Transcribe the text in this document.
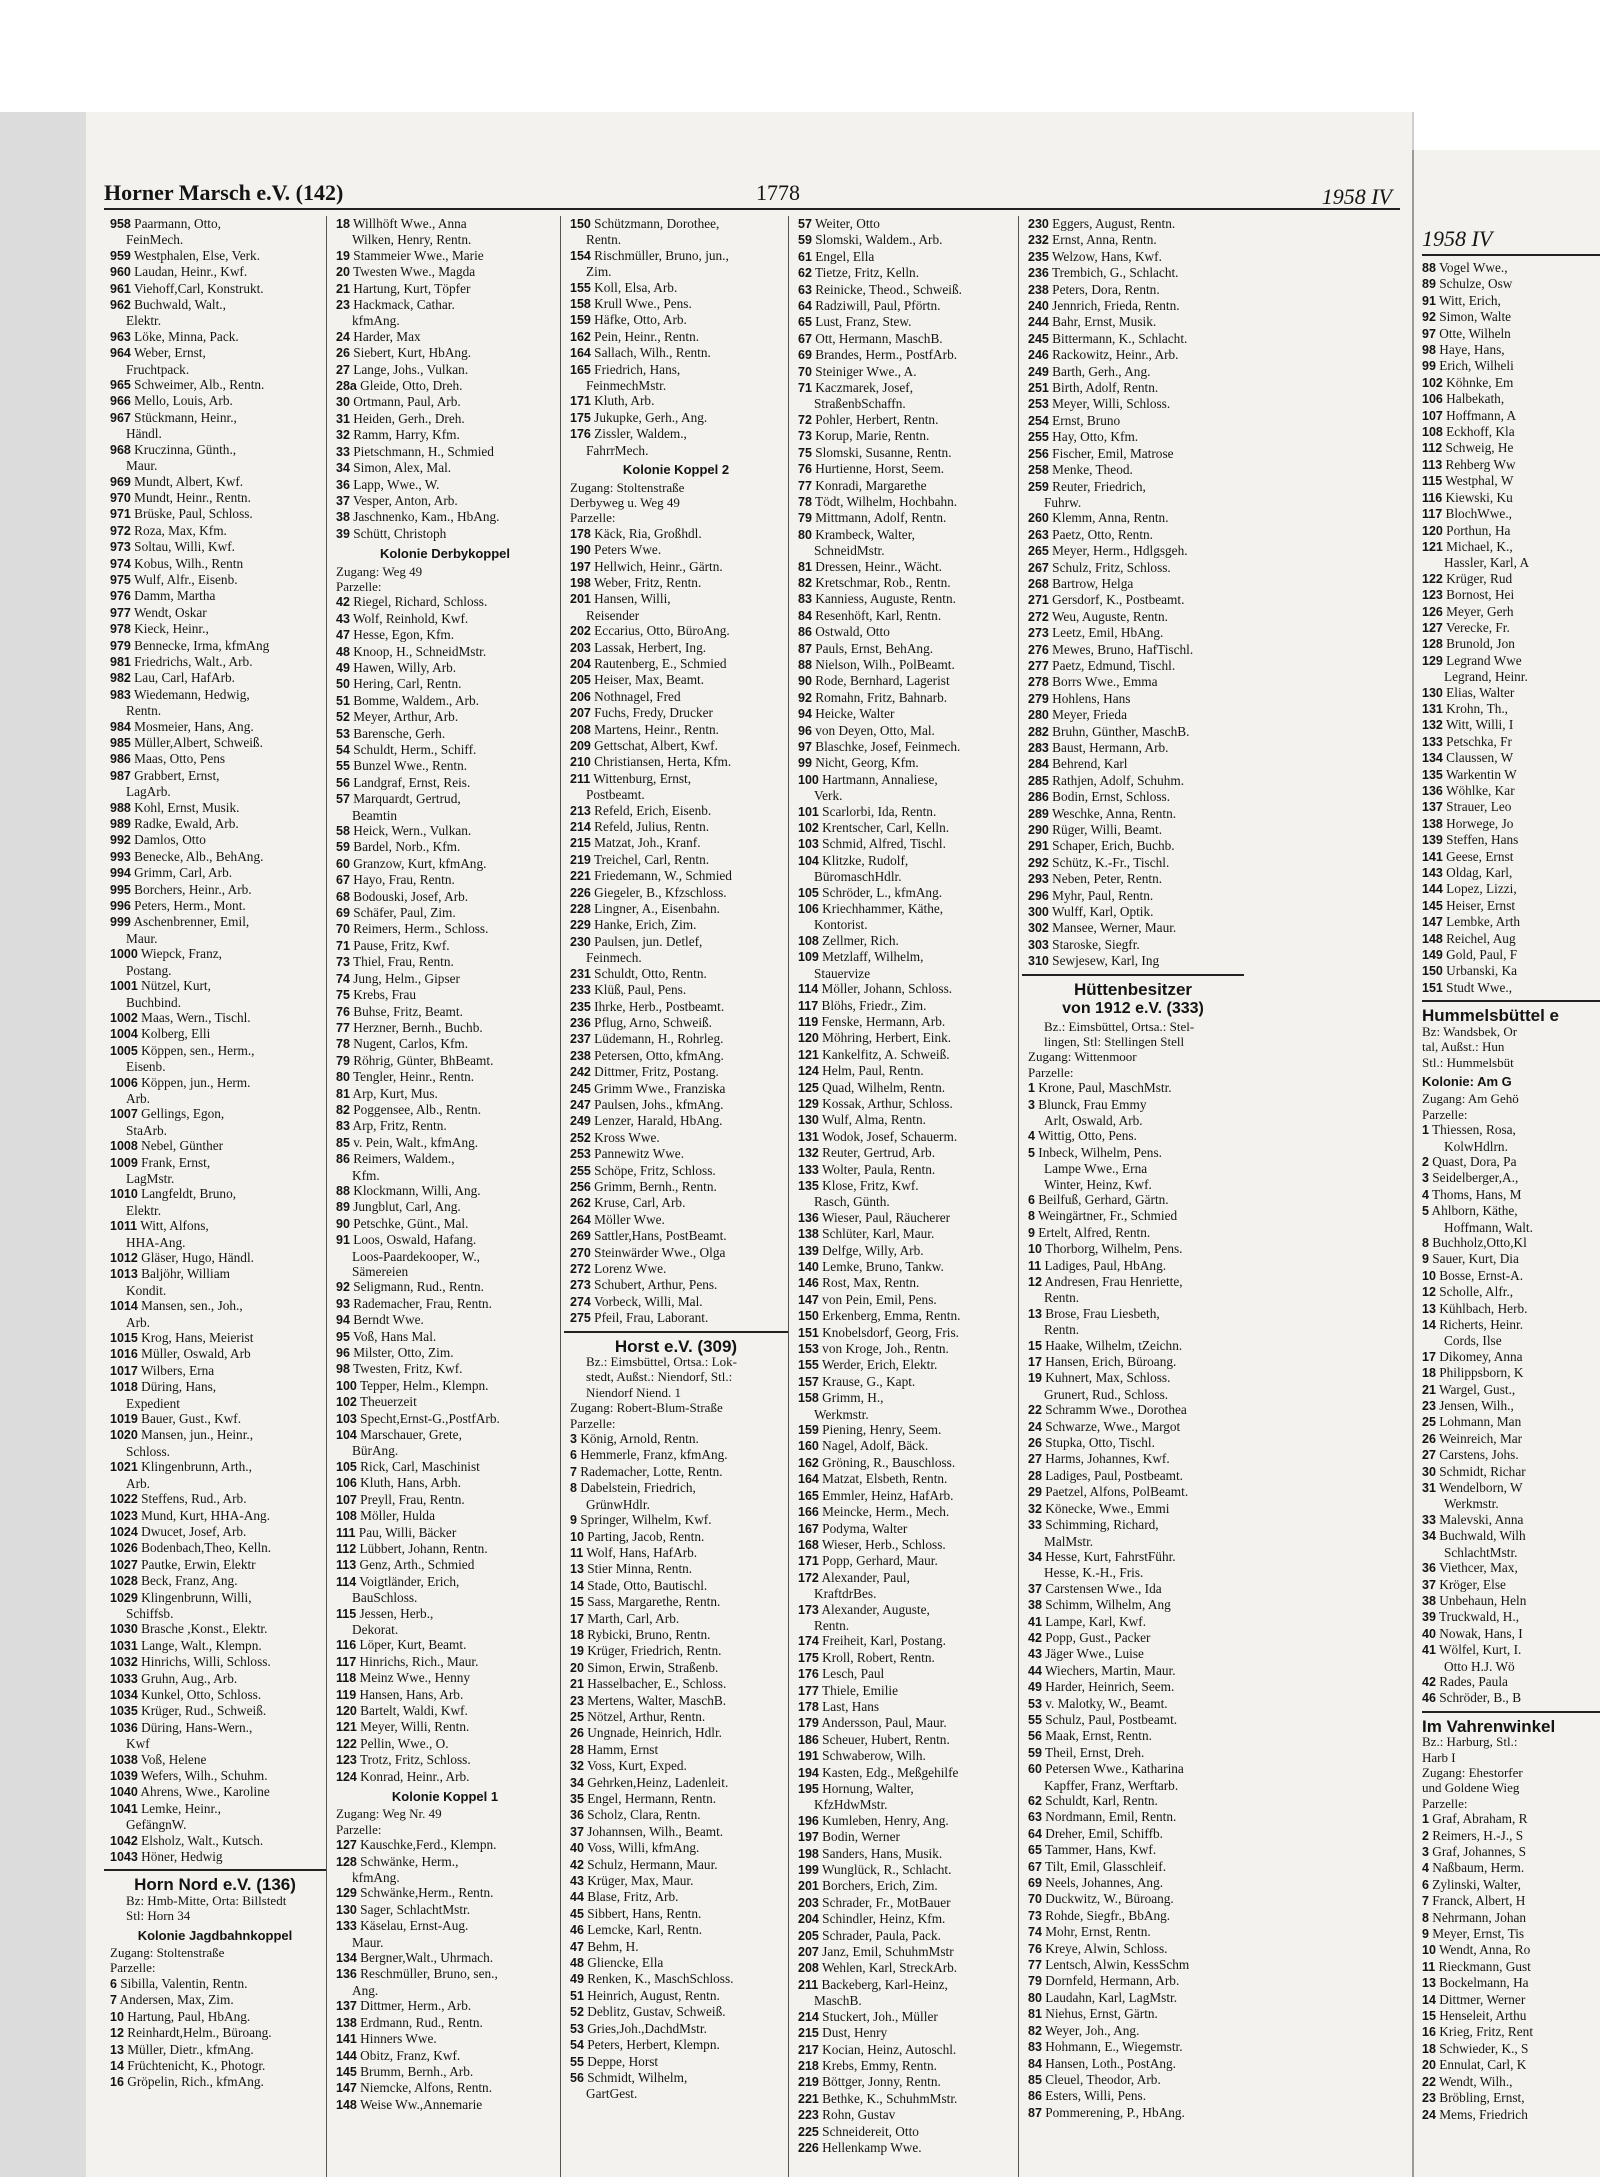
Horner Marsch e.V. (142)	1778	1958 IV
958 Paarmann, Otto,
FeinMech.
959 Westphalen, Else, Verk.
960 Laudan, Heinr., Kwf.
961 Viehoff,Carl, Konstrukt.
962 Buchwald, Walt.,
Elektr.
963 Löke, Minna, Pack.
964 Weber, Ernst,
Fruchtpack.
965 Schweimer, Alb., Rentn.
966 Mello, Louis, Arb.
967 Stückmann, Heinr.,
Händl.
968 Kruczinna, Günth.,
Maur.
969 Mundt, Albert, Kwf.
970 Mundt, Heinr., Rentn.
971 Brüske, Paul, Schloss.
972 Roza, Max, Kfm.
973 Soltau, Willi, Kwf.
974 Kobus, Wilh., Rentn
975 Wulf, Alfr., Eisenb.
976 Damm, Martha
977 Wendt, Oskar
978 Kieck, Heinr.,
979 Bennecke, Irma, kfmAng
981 Friedrichs, Walt., Arb.
982 Lau, Carl, HafArb.
983 Wiedemann, Hedwig,
Rentn.
984 Mosmeier, Hans, Ang.
985 Müller,Albert, Schweiß.
986 Maas, Otto, Pens
987 Grabbert, Ernst,
LagArb.
988 Kohl, Ernst, Musik.
989 Radke, Ewald, Arb.
992 Damlos, Otto
993 Benecke, Alb., BehAng.
994 Grimm, Carl, Arb.
995 Borchers, Heinr., Arb.
996 Peters, Herm., Mont.
999 Aschenbrenner, Emil,
Maur.
1000 Wiepck, Franz,
Postang.
1001 Nützel, Kurt,
Buchbind.
1002 Maas, Wern., Tischl.
1004 Kolberg, Elli
1005 Köppen, sen., Herm.,
Eisenb.
1006 Köppen, jun., Herm.
Arb.
1007 Gellings, Egon,
StaArb.
1008 Nebel, Günther
1009 Frank, Ernst,
LagMstr.
1010 Langfeldt, Bruno,
Elektr.
1011 Witt, Alfons,
HHA-Ang.
1012 Gläser, Hugo, Händl.
1013 Baljöhr, William
Kondit.
1014 Mansen, sen., Joh.,
Arb.
1015 Krog, Hans, Meierist
1016 Müller, Oswald, Arb
1017 Wilbers, Erna
1018 Düring, Hans,
Expedient
1019 Bauer, Gust., Kwf.
1020 Mansen, jun., Heinr.,
Schloss.
1021 Klingenbrunn, Arth.,
Arb.
1022 Steffens, Rud., Arb.
1023 Mund, Kurt, HHA-Ang.
1024 Dwucet, Josef, Arb.
1026 Bodenbach,Theo, Kelln.
1027 Pautke, Erwin, Elektr
1028 Beck, Franz, Ang.
1029 Klingenbrunn, Willi,
Schiffsb.
1030 Brasche ,Konst., Elektr.
1031 Lange, Walt., Klempn.
1032 Hinrichs, Willi, Schloss.
1033 Gruhn, Aug., Arb.
1034 Kunkel, Otto, Schloss.
1035 Krüger, Rud., Schweiß.
1036 Düring, Hans-Wern.,
Kwf
1038 Voß, Helene
1039 Wefers, Wilh., Schuhm.
1040 Ahrens, Wwe., Karoline
1041 Lemke, Heinr.,
GefängnW.
1042 Elsholz, Walt., Kutsch.
1043 Höner, Hedwig
Horn Nord e.V. (136)
Bz: Hmb-Mitte, Orta: Billstedt
Stl: Horn 34
Kolonie Jagdbahnkoppel
Zugang: Stoltenstraße
Parzelle:
6 Sibilla, Valentin, Rentn.
7 Andersen, Max, Zim.
10 Hartung, Paul, HbAng.
12 Reinhardt,Helm., Büroang.
13 Müller, Dietr., kfmAng.
14 Früchtenicht, K., Photogr.
16 Gröpelin, Rich., kfmAng.
18 Willhöft Wwe., Anna
Wilken, Henry, Rentn.
19 Stammeier Wwe., Marie
20 Twesten Wwe., Magda
21 Hartung, Kurt, Töpfer
23 Hackmack, Cathar.
kfmAng.
24 Harder, Max
26 Siebert, Kurt, HbAng.
27 Lange, Johs., Vulkan.
28a Gleide, Otto, Dreh.
30 Ortmann, Paul, Arb.
31 Heiden, Gerh., Dreh.
32 Ramm, Harry, Kfm.
33 Pietschmann, H., Schmied
34 Simon, Alex, Mal.
36 Lapp, Wwe., W.
37 Vesper, Anton, Arb.
38 Jaschnenko, Kam., HbAng.
39 Schütt, Christoph
Kolonie Derbykoppel
Zugang: Weg 49
Parzelle:
42 Riegel, Richard, Schloss.
43 Wolf, Reinhold, Kwf.
47 Hesse, Egon, Kfm.
48 Knoop, H., SchneidMstr.
49 Hawen, Willy, Arb.
50 Hering, Carl, Rentn.
51 Bomme, Waldem., Arb.
52 Meyer, Arthur, Arb.
53 Barensche, Gerh.
54 Schuldt, Herm., Schiff.
55 Bunzel Wwe., Rentn.
56 Landgraf, Ernst, Reis.
57 Marquardt, Gertrud,
Beamtin
58 Heick, Wern., Vulkan.
59 Bardel, Norb., Kfm.
60 Granzow, Kurt, kfmAng.
67 Hayo, Frau, Rentn.
68 Bodouski, Josef, Arb.
69 Schäfer, Paul, Zim.
70 Reimers, Herm., Schloss.
71 Pause, Fritz, Kwf.
73 Thiel, Frau, Rentn.
74 Jung, Helm., Gipser
75 Krebs, Frau
76 Buhse, Fritz, Beamt.
77 Herzner, Bernh., Buchb.
78 Nugent, Carlos, Kfm.
79 Röhrig, Günter, BhBeamt.
80 Tengler, Heinr., Rentn.
81 Arp, Kurt, Mus.
82 Poggensee, Alb., Rentn.
83 Arp, Fritz, Rentn.
85 v. Pein, Walt., kfmAng.
86 Reimers, Waldem.,
Kfm.
88 Klockmann, Willi, Ang.
89 Jungblut, Carl, Ang.
90 Petschke, Günt., Mal.
91 Loos, Oswald, Hafang.
Loos-Paardekooper, W.,
Sämereien
92 Seligmann, Rud., Rentn.
93 Rademacher, Frau, Rentn.
94 Berndt Wwe.
95 Voß, Hans Mal.
96 Milster, Otto, Zim.
98 Twesten, Fritz, Kwf.
100 Tepper, Helm., Klempn.
102 Theuerzeit
103 Specht,Ernst-G.,PostfArb.
104 Marschauer, Grete,
BürAng.
105 Rick, Carl, Maschinist
106 Kluth, Hans, Arbh.
107 Preyll, Frau, Rentn.
108 Möller, Hulda
111 Pau, Willi, Bäcker
112 Lübbert, Johann, Rentn.
113 Genz, Arth., Schmied
114 Voigtländer, Erich,
BauSchloss.
115 Jessen, Herb.,
Dekorat.
116 Löper, Kurt, Beamt.
117 Hinrichs, Rich., Maur.
118 Meinz Wwe., Henny
119 Hansen, Hans, Arb.
120 Bartelt, Waldi, Kwf.
121 Meyer, Willi, Rentn.
122 Pellin, Wwe., O.
123 Trotz, Fritz, Schloss.
124 Konrad, Heinr., Arb.
Kolonie Koppel 1
Zugang: Weg Nr. 49
Parzelle:
127 Kauschke,Ferd., Klempn.
128 Schwänke, Herm.,
kfmAng.
129 Schwänke,Herm., Rentn.
130 Sager, SchlachtMstr.
133 Käselau, Ernst-Aug.
Maur.
134 Bergner,Walt., Uhrmach.
136 Reschmüller, Bruno, sen.,
Ang.
137 Dittmer, Herm., Arb.
138 Erdmann, Rud., Rentn.
141 Hinners Wwe.
144 Obitz, Franz, Kwf.
145 Brumm, Bernh., Arb.
147 Niemcke, Alfons, Rentn.
148 Weise Ww.,Annemarie
150 Schützmann, Dorothee,
Rentn.
154 Rischmüller, Bruno, jun.,
Zim.
155 Koll, Elsa, Arb.
158 Krull Wwe., Pens.
159 Häfke, Otto, Arb.
162 Pein, Heinr., Rentn.
164 Sallach, Wilh., Rentn.
165 Friedrich, Hans,
FeinmechMstr.
171 Kluth, Arb.
175 Jukupke, Gerh., Ang.
176 Zissler, Waldem.,
FahrrMech.
Kolonie Koppel 2
Zugang: Stoltenstraße
Derbyweg u. Weg 49
Parzelle:
178 Käck, Ria, Großhdl.
190 Peters Wwe.
197 Hellwich, Heinr., Gärtn.
198 Weber, Fritz, Rentn.
201 Hansen, Willi,
Reisender
202 Eccarius, Otto, BüroAng.
203 Lassak, Herbert, Ing.
204 Rautenberg, E., Schmied
205 Heiser, Max, Beamt.
206 Nothnagel, Fred
207 Fuchs, Fredy, Drucker
208 Martens, Heinr., Rentn.
209 Gettschat, Albert, Kwf.
210 Christiansen, Herta, Kfm.
211 Wittenburg, Ernst,
Postbeamt.
213 Refeld, Erich, Eisenb.
214 Refeld, Julius, Rentn.
215 Matzat, Joh., Kranf.
219 Treichel, Carl, Rentn.
221 Friedemann, W., Schmied
226 Giegeler, B., Kfzschloss.
228 Lingner, A., Eisenbahn.
229 Hanke, Erich, Zim.
230 Paulsen, jun. Detlef,
Feinmech.
231 Schuldt, Otto, Rentn.
233 Klüß, Paul, Pens.
235 Ihrke, Herb., Postbeamt.
236 Pflug, Arno, Schweiß.
237 Lüdemann, H., Rohrleg.
238 Petersen, Otto, kfmAng.
242 Dittmer, Fritz, Postang.
245 Grimm Wwe., Franziska
247 Paulsen, Johs., kfmAng.
249 Lenzer, Harald, HbAng.
252 Kross Wwe.
253 Pannewitz Wwe.
255 Schöpe, Fritz, Schloss.
256 Grimm, Bernh., Rentn.
262 Kruse, Carl, Arb.
264 Möller Wwe.
269 Sattler,Hans, PostBeamt.
270 Steinwärder Wwe., Olga
272 Lorenz Wwe.
273 Schubert, Arthur, Pens.
274 Vorbeck, Willi, Mal.
275 Pfeil, Frau, Laborant.
Horst e.V. (309)
Bz.: Eimsbüttel, Ortsa.: Lok-
stedt, Außst.: Niendorf, Stl.:
Niendorf Niend. 1
Zugang: Robert-Blum-Straße
Parzelle:
3 König, Arnold, Rentn.
6 Hemmerle, Franz, kfmAng.
7 Rademacher, Lotte, Rentn.
8 Dabelstein, Friedrich,
GrünwHdlr.
9 Springer, Wilhelm, Kwf.
10 Parting, Jacob, Rentn.
11 Wolf, Hans, HafArb.
13 Stier Minna, Rentn.
14 Stade, Otto, Bautischl.
15 Sass, Margarethe, Rentn.
17 Marth, Carl, Arb.
18 Rybicki, Bruno, Rentn.
19 Krüger, Friedrich, Rentn.
20 Simon, Erwin, Straßenb.
21 Hasselbacher, E., Schloss.
23 Mertens, Walter, MaschB.
25 Nötzel, Arthur, Rentn.
26 Ungnade, Heinrich, Hdlr.
28 Hamm, Ernst
32 Voss, Kurt, Exped.
34 Gehrken,Heinz, Ladenleit.
35 Engel, Hermann, Rentn.
36 Scholz, Clara, Rentn.
37 Johannsen, Wilh., Beamt.
40 Voss, Willi, kfmAng.
42 Schulz, Hermann, Maur.
43 Krüger, Max, Maur.
44 Blase, Fritz, Arb.
45 Sibbert, Hans, Rentn.
46 Lemcke, Karl, Rentn.
47 Behm, H.
48 Gliencke, Ella
49 Renken, K., MaschSchloss.
51 Heinrich, August, Rentn.
52 Deblitz, Gustav, Schweiß.
53 Gries,Joh.,DachdMstr.
54 Peters, Herbert, Klempn.
55 Deppe, Horst
56 Schmidt, Wilhelm,
GartGest.
57 Weiter, Otto
59 Slomski, Waldem., Arb.
61 Engel, Ella
62 Tietze, Fritz, Kelln.
63 Reinicke, Theod., Schweiß.
64 Radziwill, Paul, Pförtn.
65 Lust, Franz, Stew.
67 Ott, Hermann, MaschB.
69 Brandes, Herm., PostfArb.
70 Steiniger Wwe., A.
71 Kaczmarek, Josef,
StraßenbSchaffn.
72 Pohler, Herbert, Rentn.
73 Korup, Marie, Rentn.
75 Slomski, Susanne, Rentn.
76 Hurtienne, Horst, Seem.
77 Konradi, Margarethe
78 Tödt, Wilhelm, Hochbahn.
79 Mittmann, Adolf, Rentn.
80 Krambeck, Walter,
SchneidMstr.
81 Dressen, Heinr., Wächt.
82 Kretschmar, Rob., Rentn.
83 Kanniess, Auguste, Rentn.
84 Resenhöft, Karl, Rentn.
86 Ostwald, Otto
87 Pauls, Ernst, BehAng.
88 Nielson, Wilh., PolBeamt.
90 Rode, Bernhard, Lagerist
92 Romahn, Fritz, Bahnarb.
94 Heicke, Walter
96 von Deyen, Otto, Mal.
97 Blaschke, Josef, Feinmech.
99 Nicht, Georg, Kfm.
100 Hartmann, Annaliese,
Verk.
101 Scarlorbi, Ida, Rentn.
102 Krentscher, Carl, Kelln.
103 Schmid, Alfred, Tischl.
104 Klitzke, Rudolf,
BüromaschHdlr.
105 Schröder, L., kfmAng.
106 Kriechhammer, Käthe,
Kontorist.
108 Zellmer, Rich.
109 Metzlaff, Wilhelm,
Stauervize
114 Möller, Johann, Schloss.
117 Blöhs, Friedr., Zim.
119 Fenske, Hermann, Arb.
120 Möhring, Herbert, Eink.
121 Kankelfitz, A. Schweiß.
124 Helm, Paul, Rentn.
125 Quad, Wilhelm, Rentn.
129 Kossak, Arthur, Schloss.
130 Wulf, Alma, Rentn.
131 Wodok, Josef, Schauerm.
132 Reuter, Gertrud, Arb.
133 Wolter, Paula, Rentn.
135 Klose, Fritz, Kwf.
Rasch, Günth.
136 Wieser, Paul, Räucherer
138 Schlüter, Karl, Maur.
139 Delfge, Willy, Arb.
140 Lemke, Bruno, Tankw.
146 Rost, Max, Rentn.
147 von Pein, Emil, Pens.
150 Erkenberg, Emma, Rentn.
151 Knobelsdorf, Georg, Fris.
153 von Kroge, Joh., Rentn.
155 Werder, Erich, Elektr.
157 Krause, G., Kapt.
158 Grimm, H.,
Werkmstr.
159 Piening, Henry, Seem.
160 Nagel, Adolf, Bäck.
162 Gröning, R., Bauschloss.
164 Matzat, Elsbeth, Rentn.
165 Emmler, Heinz, HafArb.
166 Meincke, Herm., Mech.
167 Podyma, Walter
168 Wieser, Herb., Schloss.
171 Popp, Gerhard, Maur.
172 Alexander, Paul,
KraftdrBes.
173 Alexander, Auguste,
Rentn.
174 Freiheit, Karl, Postang.
175 Kroll, Robert, Rentn.
176 Lesch, Paul
177 Thiele, Emilie
178 Last, Hans
179 Andersson, Paul, Maur.
186 Scheuer, Hubert, Rentn.
191 Schwaberow, Wilh.
194 Kasten, Edg., Meßgehilfe
195 Hornung, Walter,
KfzHdwMstr.
196 Kumleben, Henry, Ang.
197 Bodin, Werner
198 Sanders, Hans, Musik.
199 Wunglück, R., Schlacht.
201 Borchers, Erich, Zim.
203 Schrader, Fr., MotBauer
204 Schindler, Heinz, Kfm.
205 Schrader, Paula, Pack.
207 Janz, Emil, SchuhmMstr
208 Wehlen, Karl, StreckArb.
211 Backeberg, Karl-Heinz,
MaschB.
214 Stuckert, Joh., Müller
215 Dust, Henry
217 Kocian, Heinz, Autoschl.
218 Krebs, Emmy, Rentn.
219 Böttger, Jonny, Rentn.
221 Bethke, K., SchuhmMstr.
223 Rohn, Gustav
225 Schneidereit, Otto
226 Hellenkamp Wwe.
230 Eggers, August, Rentn.
232 Ernst, Anna, Rentn.
235 Welzow, Hans, Kwf.
236 Trembich, G., Schlacht.
238 Peters, Dora, Rentn.
240 Jennrich, Frieda, Rentn.
244 Bahr, Ernst, Musik.
245 Bittermann, K., Schlacht.
246 Rackowitz, Heinr., Arb.
249 Barth, Gerh., Ang.
251 Birth, Adolf, Rentn.
253 Meyer, Willi, Schloss.
254 Ernst, Bruno
255 Hay, Otto, Kfm.
256 Fischer, Emil, Matrose
258 Menke, Theod.
259 Reuter, Friedrich,
Fuhrw.
260 Klemm, Anna, Rentn.
263 Paetz, Otto, Rentn.
265 Meyer, Herm., Hdlgsgeh.
267 Schulz, Fritz, Schloss.
268 Bartrow, Helga
271 Gersdorf, K., Postbeamt.
272 Weu, Auguste, Rentn.
273 Leetz, Emil, HbAng.
276 Mewes, Bruno, HafTischl.
277 Paetz, Edmund, Tischl.
278 Borrs Wwe., Emma
279 Hohlens, Hans
280 Meyer, Frieda
282 Bruhn, Günther, MaschB.
283 Baust, Hermann, Arb.
284 Behrend, Karl
285 Rathjen, Adolf, Schuhm.
286 Bodin, Ernst, Schloss.
289 Weschke, Anna, Rentn.
290 Rüger, Willi, Beamt.
291 Schaper, Erich, Buchb.
292 Schütz, K.-Fr., Tischl.
293 Neben, Peter, Rentn.
296 Myhr, Paul, Rentn.
300 Wulff, Karl, Optik.
302 Mansee, Werner, Maur.
303 Staroske, Siegfr.
310 Sewjesew, Karl, Ing
Hüttenbesitzer
von 1912 e.V. (333)
Bz.: Eimsbüttel, Ortsa.: Stel-
lingen, Stl: Stellingen Stell
Zugang: Wittenmoor
Parzelle:
1 Krone, Paul, MaschMstr.
3 Blunck, Frau Emmy
Arlt, Oswald, Arb.
4 Wittig, Otto, Pens.
5 Inbeck, Wilhelm, Pens.
Lampe Wwe., Erna
Winter, Heinz, Kwf.
6 Beilfuß, Gerhard, Gärtn.
8 Weingärtner, Fr., Schmied
9 Ertelt, Alfred, Rentn.
10 Thorborg, Wilhelm, Pens.
11 Ladiges, Paul, HbAng.
12 Andresen, Frau Henriette,
Rentn.
13 Brose, Frau Liesbeth,
Rentn.
15 Haake, Wilhelm, tZeichn.
17 Hansen, Erich, Büroang.
19 Kuhnert, Max, Schloss.
Grunert, Rud., Schloss.
22 Schramm Wwe., Dorothea
24 Schwarze, Wwe., Margot
26 Stupka, Otto, Tischl.
27 Harms, Johannes, Kwf.
28 Ladiges, Paul, Postbeamt.
29 Paetzel, Alfons, PolBeamt.
32 Könecke, Wwe., Emmi
33 Schimming, Richard,
MalMstr.
34 Hesse, Kurt, FahrstFühr.
Hesse, K.-H., Fris.
37 Carstensen Wwe., Ida
38 Schimm, Wilhelm, Ang
41 Lampe, Karl, Kwf.
42 Popp, Gust., Packer
43 Jäger Wwe., Luise
44 Wiechers, Martin, Maur.
49 Harder, Heinrich, Seem.
53 v. Malotky, W., Beamt.
55 Schulz, Paul, Postbeamt.
56 Maak, Ernst, Rentn.
59 Theil, Ernst, Dreh.
60 Petersen Wwe., Katharina
Kapffer, Franz, Werftarb.
62 Schuldt, Karl, Rentn.
63 Nordmann, Emil, Rentn.
64 Dreher, Emil, Schiffb.
65 Tammer, Hans, Kwf.
67 Tilt, Emil, Glasschleif.
69 Neels, Johannes, Ang.
70 Duckwitz, W., Büroang.
73 Rohde, Siegfr., BbAng.
74 Mohr, Ernst, Rentn.
76 Kreye, Alwin, Schloss.
77 Lentsch, Alwin, KessSchm
79 Dornfeld, Hermann, Arb.
80 Laudahn, Karl, LagMstr.
81 Niehus, Ernst, Gärtn.
82 Weyer, Joh., Ang.
83 Hohmann, E., Wiegemstr.
84 Hansen, Loth., PostAng.
85 Cleuel, Theodor, Arb.
86 Esters, Willi, Pens.
87 Pommerening, P., HbAng.
1958 IV
88 Vogel Wwe.,
89 Schulze, Osw
91 Witt, Erich,
92 Simon, Walte
97 Otte, Wilheln
98 Haye, Hans,
99 Erich, Wilheli
102 Köhnke, Em
106 Halbekath,
107 Hoffmann, A
108 Eckhoff, Kla
112 Schweig, He
113 Rehberg Ww
115 Westphal, W
116 Kiewski, Ku
117 BlochWwe.,
120 Porthun, Ha
121 Michael, K.,
Hassler, Karl, A
122 Krüger, Rud
123 Bornost, Hei
126 Meyer, Gerh
127 Verecke, Fr.
128 Brunold, Jon
129 Legrand Wwe
Legrand, Heinr.
130 Elias, Walter
131 Krohn, Th.,
132 Witt, Willi, I
133 Petschka, Fr
134 Claussen, W
135 Warkentin W
136 Wöhlke, Kar
137 Strauer, Leo
138 Horwege, Jo
139 Steffen, Hans
141 Geese, Ernst
143 Oldag, Karl,
144 Lopez, Lizzi,
145 Heiser, Ernst
147 Lembke, Arth
148 Reichel, Aug
149 Gold, Paul, F
150 Urbanski, Ka
151 Studt Wwe.,
Hummelsbüttel e
Bz: Wandsbek, Or
tal, Außst.: Hun
Stl.: Hummelsbüt
Kolonie: Am G
Zugang: Am Gehö
Parzelle:
1 Thiessen, Rosa,
KolwHdlrn.
2 Quast, Dora, Pa
3 Seidelberger,A.,
4 Thoms, Hans, M
5 Ahlborn, Käthe,
Hoffmann, Walt.
8 Buchholz,Otto,Kl
9 Sauer, Kurt, Dia
10 Bosse, Ernst-A.
12 Scholle, Alfr.,
13 Kühlbach, Herb.
14 Richerts, Heinr.
Cords, Ilse
17 Dikomey, Anna
18 Philippsborn, K
21 Wargel, Gust.,
23 Jensen, Wilh.,
25 Lohmann, Man
26 Weinreich, Mar
27 Carstens, Johs.
30 Schmidt, Richar
31 Wendelborn, W
Werkmstr.
33 Malevski, Anna
34 Buchwald, Wilh
SchlachtMstr.
36 Viethcer, Max,
37 Kröger, Else
38 Unbehaun, Heln
39 Truckwald, H.,
40 Nowak, Hans, I
41 Wölfel, Kurt, I.
Otto H.J. Wö
42 Rades, Paula
46 Schröder, B., B
Im Vahrenwinkel
Bz.: Harburg, Stl.:
Harb I
Zugang: Ehestorfer
und Goldene Wieg
Parzelle:
1 Graf, Abraham, R
2 Reimers, H.-J., S
3 Graf, Johannes, S
4 Naßbaum, Herm.
6 Zylinski, Walter,
7 Franck, Albert, H
8 Nehrmann, Johan
9 Meyer, Ernst, Tis
10 Wendt, Anna, Ro
11 Rieckmann, Gust
13 Bockelmann, Ha
14 Dittmer, Werner
15 Henseleit, Arthu
16 Krieg, Fritz, Rent
18 Schwieder, K., S
20 Ennulat, Carl, K
22 Wendt, Wilh.,
23 Bröbling, Ernst,
24 Mems, Friedrich
